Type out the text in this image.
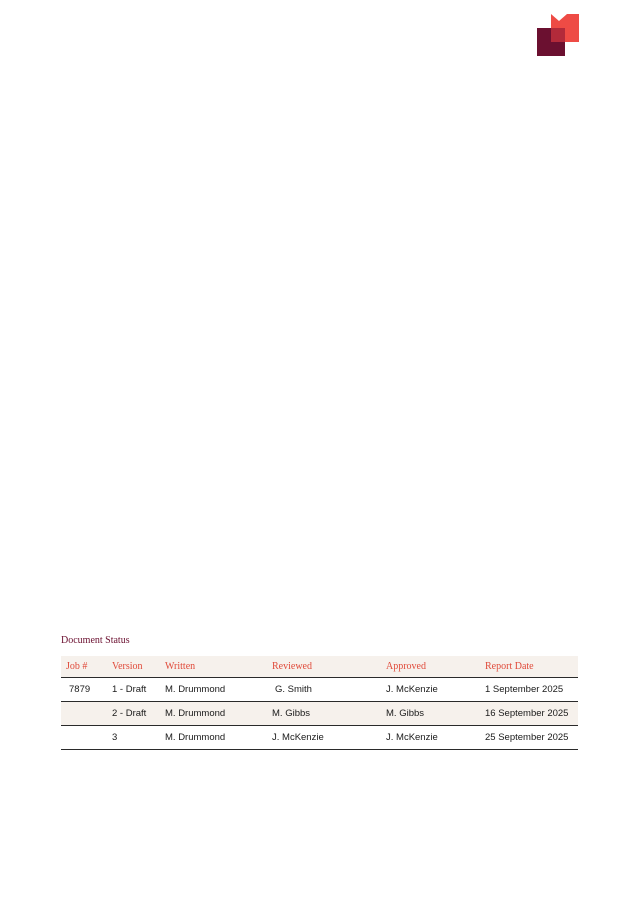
Document Status
Job #	Version	Written	Reviewed	Approved	Report Date
7879	1 - Draft	M. Drummond	G. Smith	J. McKenzie	1 September 2025
	2 - Draft	M. Drummond	M. Gibbs	M. Gibbs	16 September 2025
	3	M. Drummond	J. McKenzie	J. McKenzie	25 September 2025
